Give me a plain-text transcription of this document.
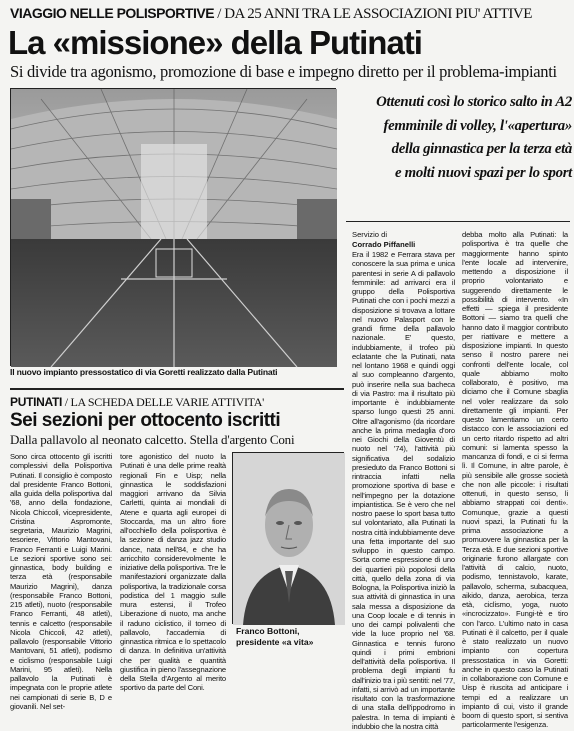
VIAGGIO NELLE POLISPORTIVE / DA 25 ANNI TRA LE ASSOCIAZIONI PIU' ATTIVE
La «missione» della Putinati
Si divide tra agonismo, promozione di base e impegno diretto per il problema-impianti
Il nuovo impianto pressostatico di via Goretti realizzato dalla Putinati
Ottenuti così lo storico salto in A2
femminile di volley, l'«apertura»
della ginnastica per la terza età
e molti nuovi spazi per lo sport
Servizio di
Corrado Piffanelli

Era il 1982 e Ferrara stava per conoscere la sua prima e unica parentesi in serie A di pallavolo femminile: ad arrivarci era il gruppo della Polisportiva Putinati che con i pochi mezzi a disposizione si trovava a lottare nel nuovo Palasport con le grandi firme della pallavolo nazionale. E' questo, indubbiamente, il trofeo più eclatante che la Putinati, nata nel lontano 1968 e quindi oggi al suo compleanno d'argento, può inserire nella sua bacheca di via Pastro: ma il risultato più importante è indubbiamente sparso lungo questi 25 anni. Oltre all'agonismo (da ricordare anche la prima medaglia d'oro nei Giochi della Gioventù di nuoto nel '74), l'attività più significativa del sodalizio presieduto da Franco Bottoni si rintraccia infatti nella promozione sportiva di base e nell'impegno per la dotazione impiantistica. Se è vero che nel nostro paese lo sport basa tutto sul volontariato, alla Putinati la nostra città indubbiamente deve una fetta importante del suo sviluppo in questo campo. Sorta come espressione di uno dei quartieri più popolosi della città, quello della zona di via Bologna, la Polisportiva iniziò la sua attività di ginnastica in una sala messa a disposizione da una Coop locale e di tennis in uno dei campi polivalenti che vide la luce proprio nel '68. Ginnastica e tennis furono quindi i primi embrioni dell'attività della polisportiva. Il problema degli impianti fu dall'inizio tra i più sentiti: nel '77, infatti, si arrivò ad un importante risultato con la trasformazione di una stalla dell'ippodromo in palestra. In tema di impianti è indubbio che la nostra città

debba molto alla Putinati: la polisportiva è tra quelle che maggiormente hanno spinto l'ente locale ad intervenire, mettendo a disposizione il proprio volontariato e suggerendo direttamente le possibilità di intervento. «In effetti — spiega il presidente Bottoni — siamo tra quelli che hanno dato il maggior contributo per riattivare e mettere a disposizione impianti. In questo senso il nostro parere nei confronti dell'ente locale, col quale abbiamo molto collaborato, è positivo, ma diciamo che il Comune sbaglia nel voler realizzare da solo direttamente gli impianti. Per questo lamentiamo un certo distacco con le associazioni ed un certo ritardo rispetto ad altri comuni: si lamenta spesso la mancanza di fondi, e ci si ferma lì. Il Comune, in altre parole, è più sensibile alle grosse società che non alle piccole: i risultati ottenuti, in questo senso, li abbiamo strappati coi denti». Comunque, grazie a questi nuovi spazi, la Putinati fu la prima associazione a promuovere la ginnastica per la Terza età. E due sezioni sportive originarie furono allargate con l'attività di calcio, nuoto, podismo, tennistavolo, karate, pallavolo, scherma, subacquea, aikido, danza, aerobica, terza età, ciclismo, yoga, nuoto «incrocizzato». Fungi-tè e tiro con l'arco. L'ultimo nato in casa Putinati è il calcetto, per il quale è stato realizzato un nuovo impianto con copertura pressostatica in via Goretti: anche in questo caso la Putinati in collaborazione con Comune e Uisp è riuscita ad anticipare i tempi ed a realizzare un impianto di cui, visto il grande boom di questo sport, si sentiva particolarmente l'esigenza.

PUTINATI / LA SCHEDA DELLE VARIE ATTIVITA'
Sei sezioni per ottocento iscritti
Dalla pallavolo al neonato calcetto. Stella d'argento Coni

Sono circa ottocento gli iscritti complessivi della Polisportiva Putinati. Il consiglio è composto dal presidente Franco Bottoni, alla guida della polisportiva dal '68, anno della fondazione, Nicola Chiccoli, vicepresidente, Cristina Aspromonte, segretaria, Maurizio Magrini, tesoriere, Vittorio Mantovani, Franco Ferranti e Luigi Marini. Le sezioni sportive sono sei: ginnastica, body building e terza età (responsabile Maurizio Magrini), danza (responsabile Franco Bottoni, 215 atleti), nuoto (responsabile Franco Ferranti, 48 atleti), tennis e calcetto (responsabile Nicola Chiccoli, 42 atleti), pallavolo (responsabile Vittorio Mantovani, 51 atleti), podismo e ciclismo (responsabile Luigi Marini, 95 atleti). Nella pallavolo la Putinati è impegnata con le proprie atlete nei campionati di serie B, D e giovanili. Nel set-

tore agonistico del nuoto la Putinati è una delle prime realtà regionali Fin e Uisp; nella ginnastica le soddisfazioni maggiori arrivano da Silvia Carletti, quinta ai mondiali di Atene e quarta agli europei di Stoccarda, ma un altro fiore all'occhiello della polisportiva è la sezione di danza jazz studio dance, nata nell'84, e che ha arricchito considerevolmente le iniziative della polisportiva. Tre le manifestazioni organizzate dalla polisportiva, la tradizionale corsa podistica del 1 maggio sulle mura estensi, il Trofeo Liberazione di nuoto, ma anche il raduno ciclistico, il torneo di pallavolo, l'accademia di ginnastica ritmica e lo spettacolo di danza. In definitiva un'attività che per qualità e quantità giustifica in pieno l'assegnazione della Stella d'Argento al merito sportivo da parte del Coni.

Franco Bottoni,
presidente «a vita»
